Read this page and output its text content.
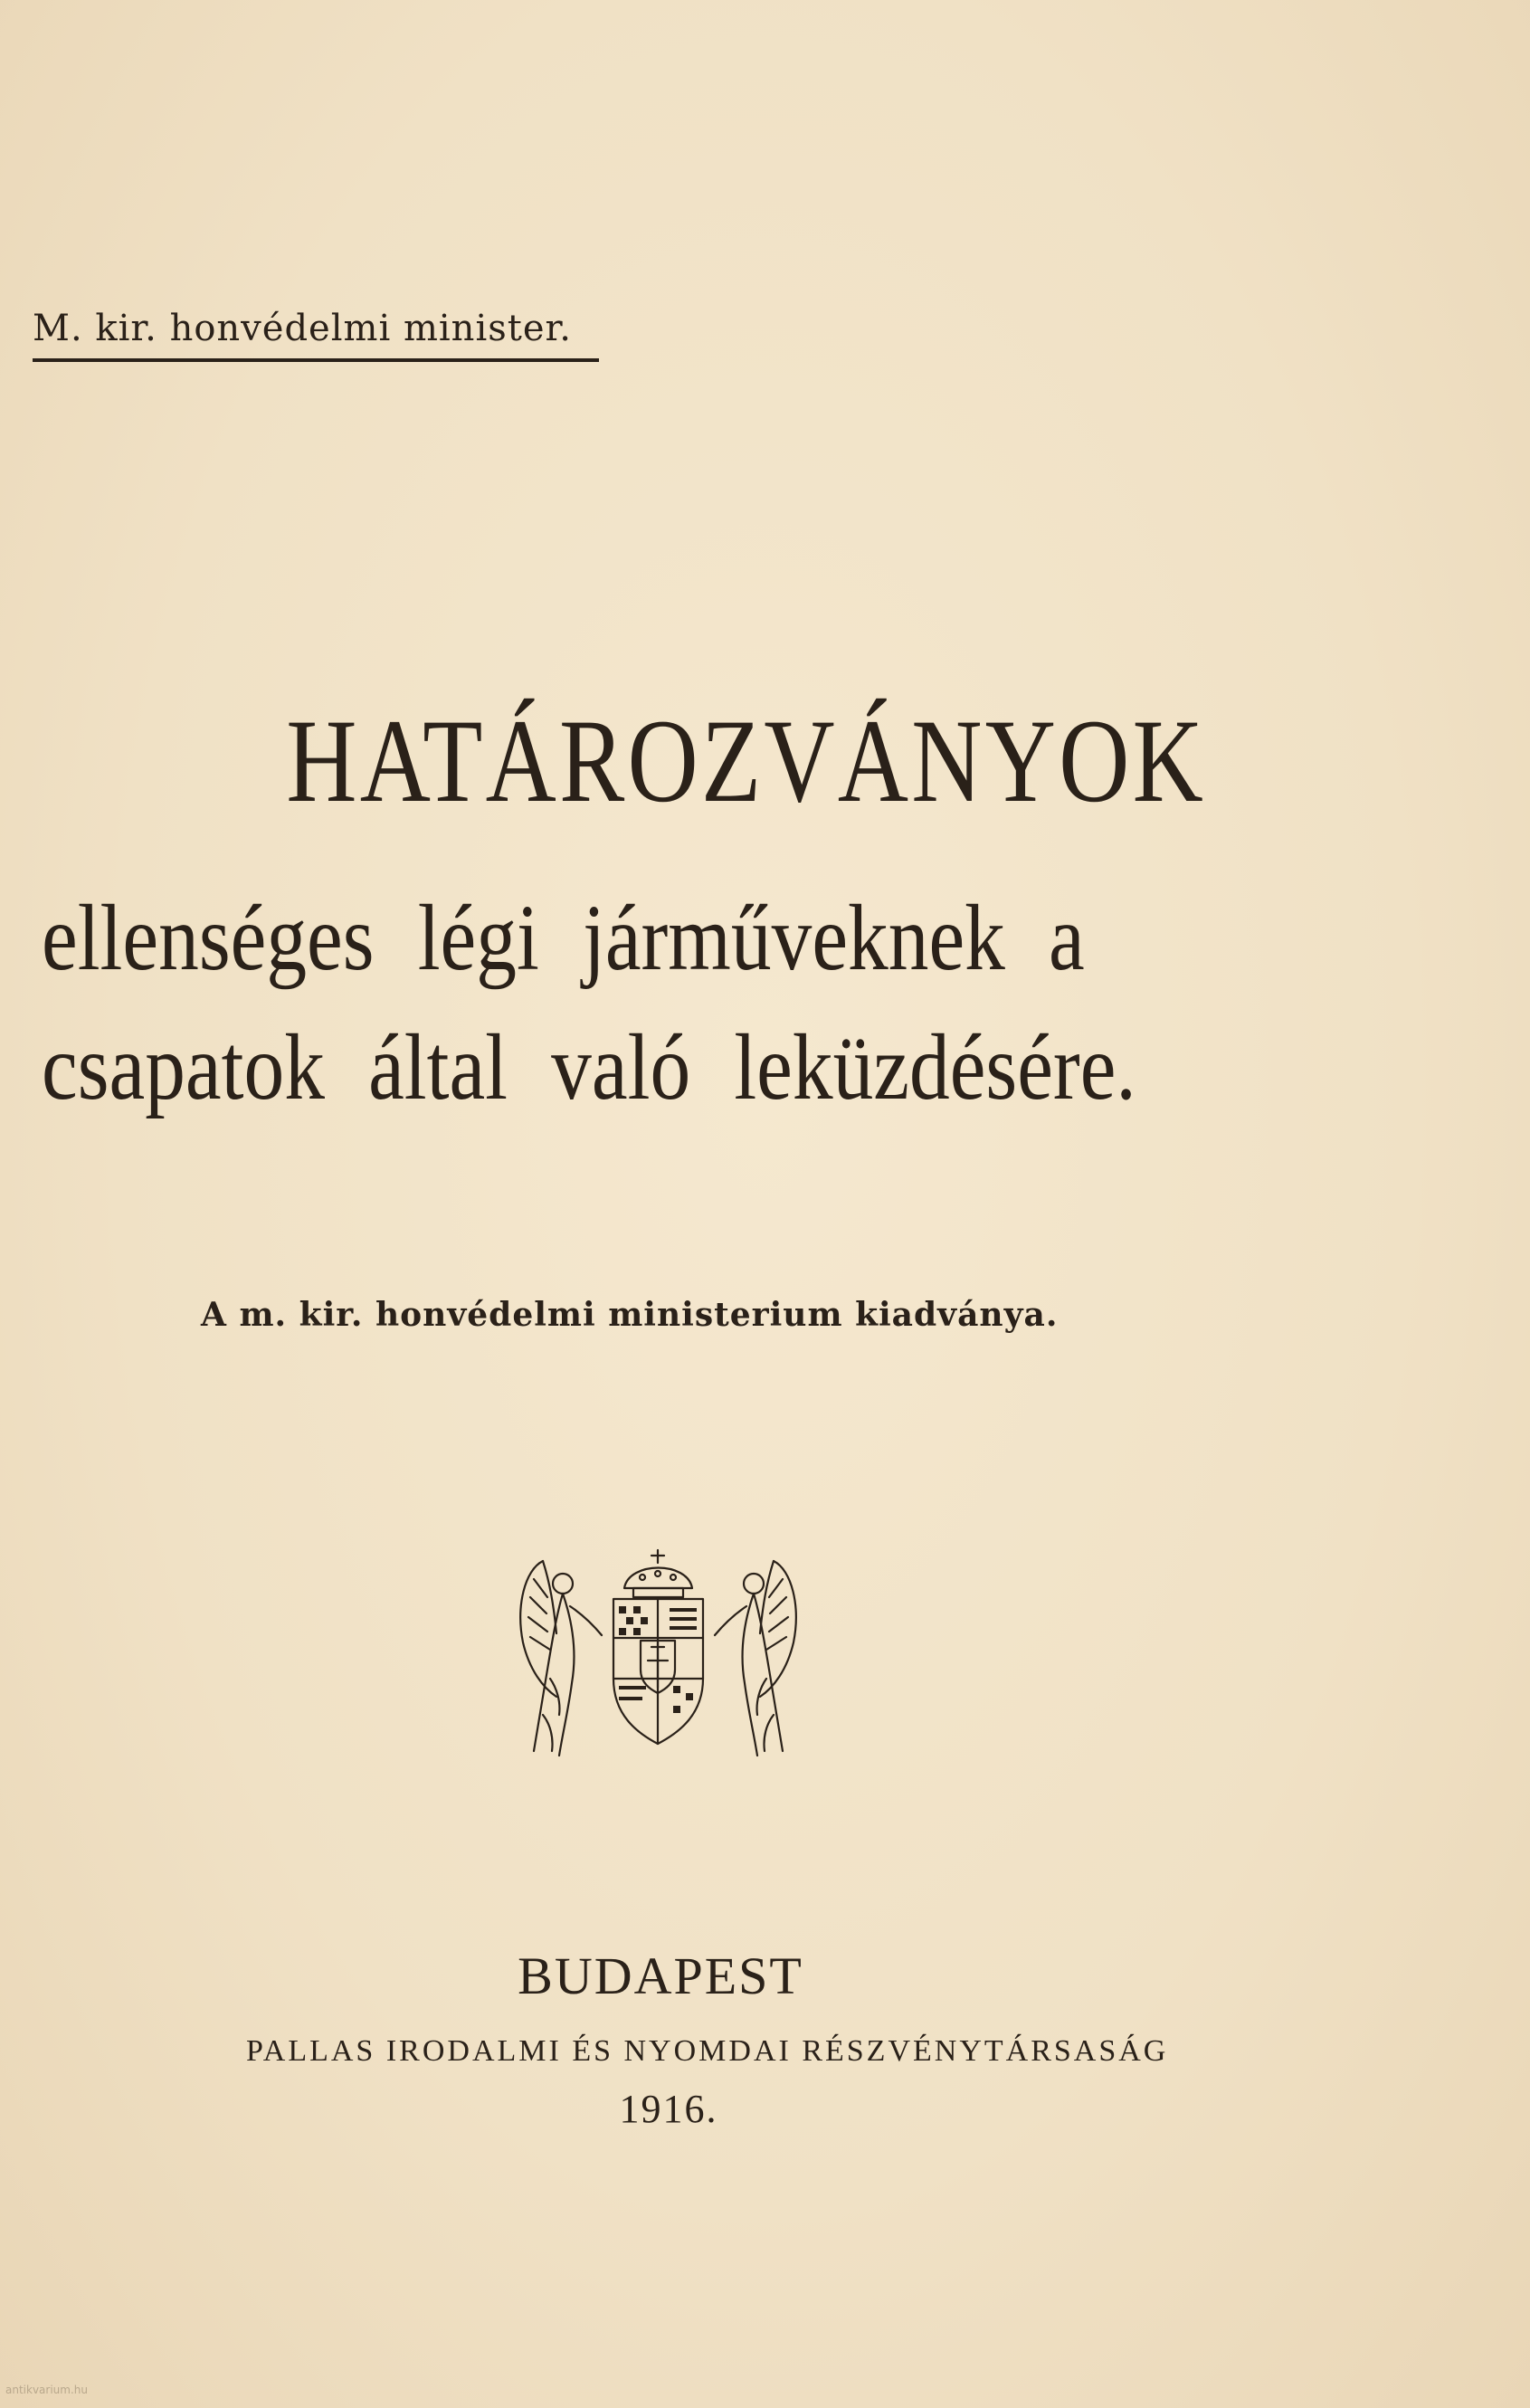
M. kir. honvédelmi minister.
HATÁROZVÁNYOK
ellenséges légi járműveknek a
csapatok által való leküzdésére.
A m. kir. honvédelmi ministerium kiadványa.
BUDAPEST
PALLAS IRODALMI ÉS NYOMDAI RÉSZVÉNYTÁRSASÁG
1916.
antikvarium.hu
